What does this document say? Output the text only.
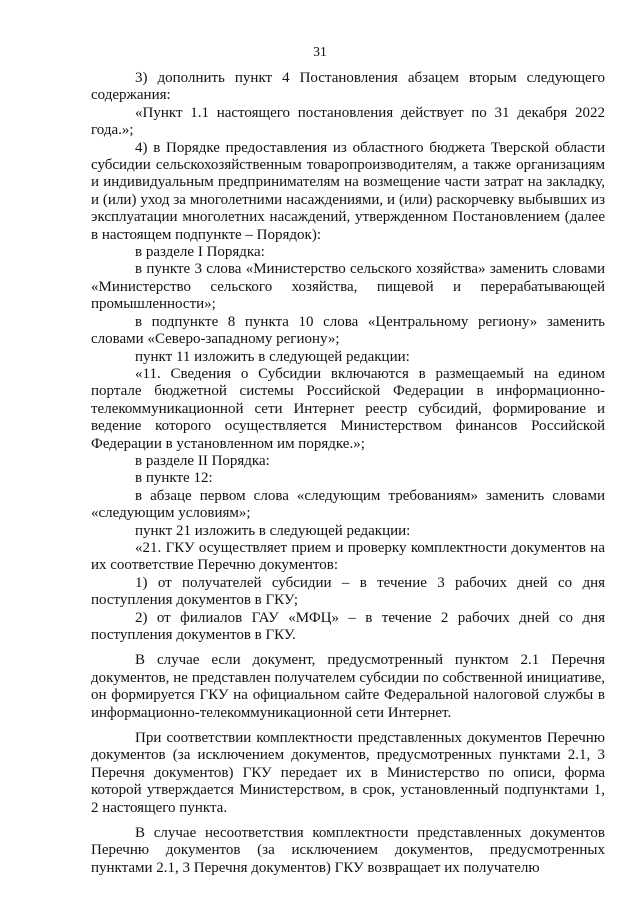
31

3) дополнить пункт 4 Постановления абзацем вторым следующего содержания:

«Пункт 1.1 настоящего постановления действует по 31 декабря 2022 года.»;

4) в Порядке предоставления из областного бюджета Тверской области субсидии сельскохозяйственным товаропроизводителям, а также организациям и индивидуальным предпринимателям на возмещение части затрат на закладку, и (или) уход за многолетними насаждениями, и (или) раскорчевку выбывших из эксплуатации многолетних насаждений, утвержденном Постановлением (далее в настоящем подпункте – Порядок):

в разделе I Порядка:

в пункте 3 слова «Министерство сельского хозяйства» заменить словами «Министерство сельского хозяйства, пищевой и перерабатывающей промышленности»;

в подпункте 8 пункта 10 слова «Центральному региону» заменить словами «Северо-западному региону»;

пункт 11 изложить в следующей редакции:

«11. Сведения о Субсидии включаются в размещаемый на едином портале бюджетной системы Российской Федерации в информационно-телекоммуникационной сети Интернет реестр субсидий, формирование и ведение которого осуществляется Министерством финансов Российской Федерации в установленном им порядке.»;

в разделе II Порядка:

в пункте 12:

в абзаце первом слова «следующим требованиям» заменить словами «следующим условиям»;

пункт 21 изложить в следующей редакции:

«21. ГКУ осуществляет прием и проверку комплектности документов на их соответствие Перечню документов:

1) от получателей субсидии – в течение 3 рабочих дней со дня поступления документов в ГКУ;

2) от филиалов ГАУ «МФЦ» – в течение 2 рабочих дней со дня поступления документов в ГКУ.

В случае если документ, предусмотренный пунктом 2.1 Перечня документов, не представлен получателем субсидии по собственной инициативе, он формируется ГКУ на официальном сайте Федеральной налоговой службы в информационно-телекоммуникационной сети Интернет.

При соответствии комплектности представленных документов Перечню документов (за исключением документов, предусмотренных пунктами 2.1, 3 Перечня документов) ГКУ передает их в Министерство по описи, форма которой утверждается Министерством, в срок, установленный подпунктами 1, 2 настоящего пункта.

В случае несоответствия комплектности представленных документов Перечню документов (за исключением документов, предусмотренных пунктами 2.1, 3 Перечня документов) ГКУ возвращает их получателю
